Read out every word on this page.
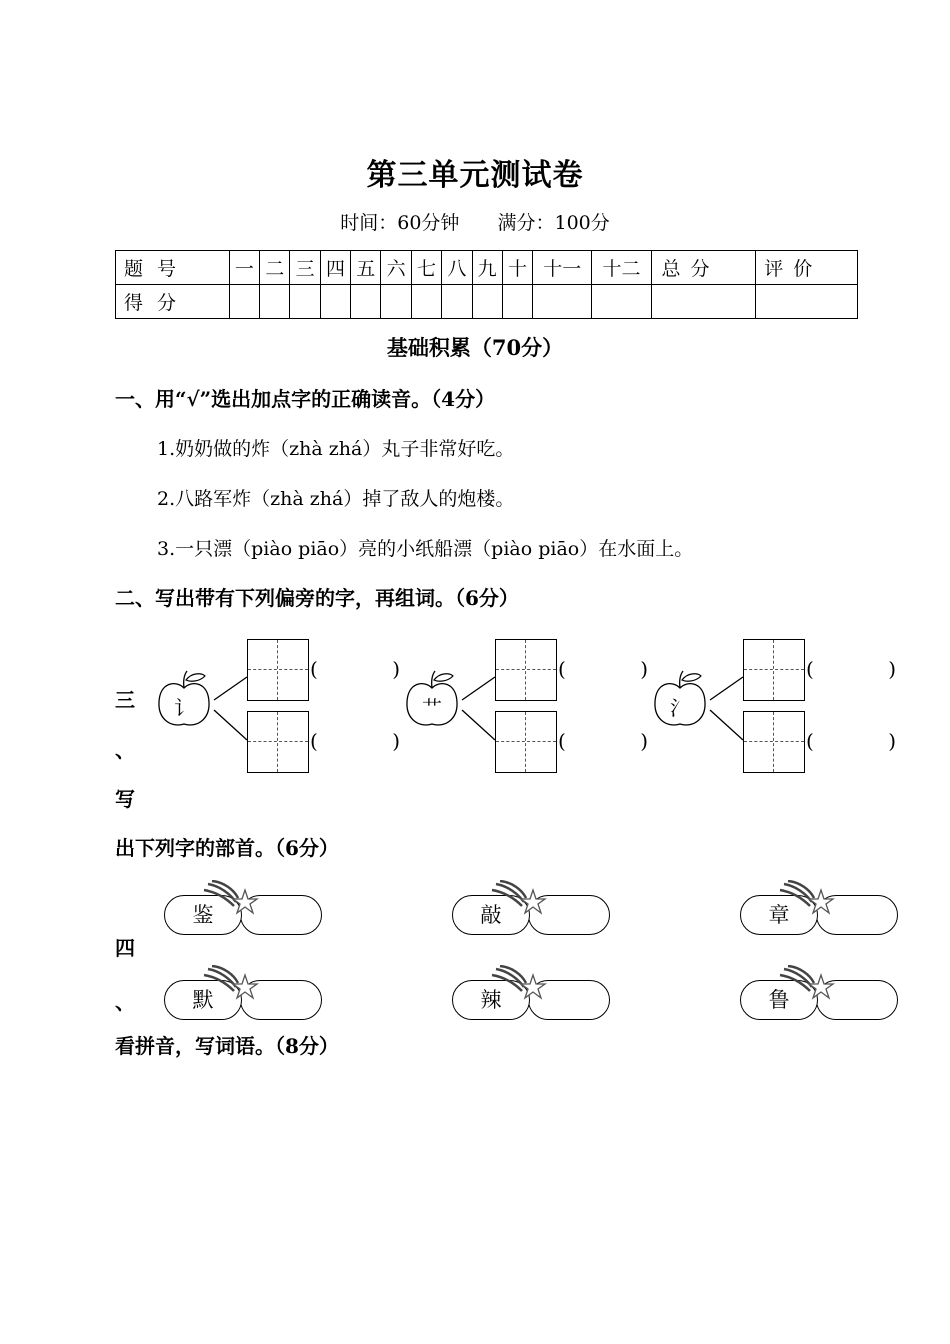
第三单元测试卷
时间：60分钟 满分：100分
题号	一	二	三	四	五	六	七	八	九	十	十一	十二	总分	评价
得分														
基础积累（70分）
一、用“√”选出加点字的正确读音。（4分）
1.奶奶做的炸（zhà zhá）丸子非常好吃。
2.八路军炸（zhà zhá）掉了敌人的炮楼。
3.一只漂（piào piāo）亮的小纸船漂（piào piāo）在水面上。
二、写出带有下列偏旁的字，再组词。（6分）
讠	艹	氵
(	)
(	)
(	)
(	)
(	)
(	)
三
、
写
出下列字的部首。（6分）
鉴	敲	章
默	辣	鲁
四
、
看拼音，写词语。（8分）
